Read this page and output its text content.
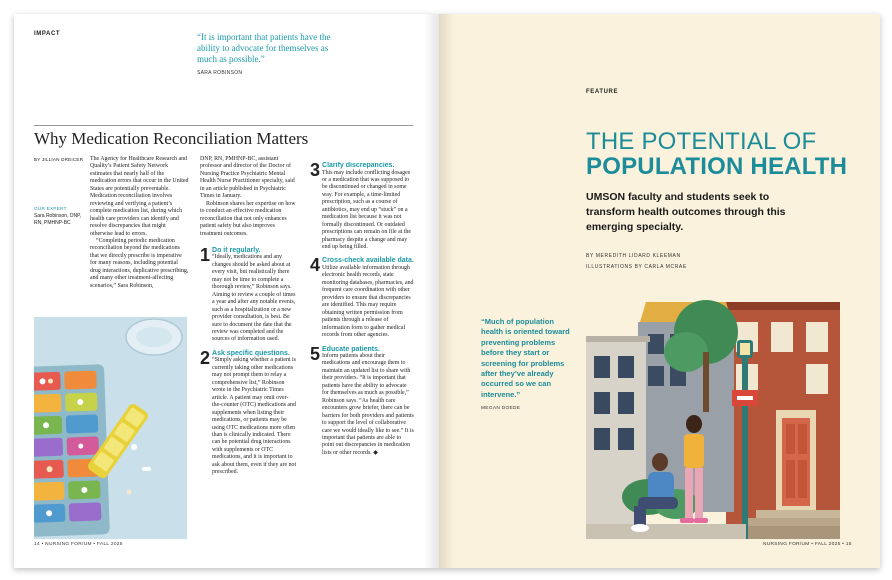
IMPACT	“It is important that patients have the ability to advocate for themselves as much as possible.”
SARA ROBINSON
Why Medication Reconciliation Matters
BY JILLIAN DREICER
OUR EXPERT
Sara Robinson, DNP, RN, PMHNP-BC

The Agency for Healthcare Research and Quality’s Patient Safety Network estimates that nearly half of the medication errors that occur in the United States are potentially preventable. Medication reconciliation involves reviewing and verifying a patient’s complete medication list, during which health care providers can identify and resolve discrepancies that might otherwise lead to errors.

“Completing periodic medication reconciliation beyond the medications that we directly prescribe is imperative for many reasons, including potential drug interactions, duplicative prescribing, and many other treatment-affecting scenarios,” Sara Robinson,

DNP, RN, PMHNP-BC, assistant professor and director of the Doctor of Nursing Practice Psychiatric Mental Health Nurse Practitioner specialty, said in an article published in Psychiatric Times in January.

Robinson shares her expertise on how to conduct an effective medication reconciliation that not only enhances patient safety but also improves treatment outcomes.

1 Do it regularly.

“Ideally, medications and any changes should be asked about at every visit, but realistically there may not be time to complete a thorough review,” Robinson says. Aiming to review a couple of times a year and after any notable events, such as a hospitalization or a new provider consultation, is best. Be sure to document the date that the review was completed and the sources of information used.

2 Ask specific questions.

“Simply asking whether a patient is currently taking other medications may not prompt them to relay a comprehensive list,” Robinson wrote in the Psychiatric Times article. A patient may omit over-the-counter (OTC) medications and supplements when listing their medications, or patients may be using OTC medications more often than is clinically indicated. There can be potential drug interactions with supplements or OTC medications, and it is important to ask about them, even if they are not prescribed.

3 Clarify discrepancies.

This may include conflicting dosages or a medication that was supposed to be discontinued or changed in some way. For example, a time-limited prescription, such as a course of antibiotics, may end up “stuck” on a medication list because it was not formally discontinued. Or outdated prescriptions can remain on file at the pharmacy despite a change and may end up being filled.

4 Cross-check available data.

Utilize available information through electronic health records, state monitoring databases, pharmacies, and frequent care coordination with other providers to ensure that discrepancies are identified. This may require obtaining written permission from patients through a release of information form to gather medical records from other agencies.

5 Educate patients.

Inform patients about their medications and encourage them to maintain an updated list to share with their providers. “It is important that patients have the ability to advocate for themselves as much as possible,” Robinson says. “As health care encounters grow briefer, there can be barriers for both providers and patients to support the level of collaborative care we would ideally like to see.” It is important that patients are able to point out discrepancies in medication lists or other records. ◆

14 • NURSING FOR/UM • FALL 2025
FEATURE
THE POTENTIAL OF
POPULATION HEALTH
UMSON faculty and students seek to transform health outcomes through this emerging specialty.
BY MEREDITH LIDARD KLEEMAN
ILLUSTRATIONS BY CARLA MCRAE
“Much of population health is oriented toward preventing problems before they start or screening for problems after they’ve already occurred so we can intervene.”
MEGAN DOEDE
NURSING FOR/UM • FALL 2025 • 15
